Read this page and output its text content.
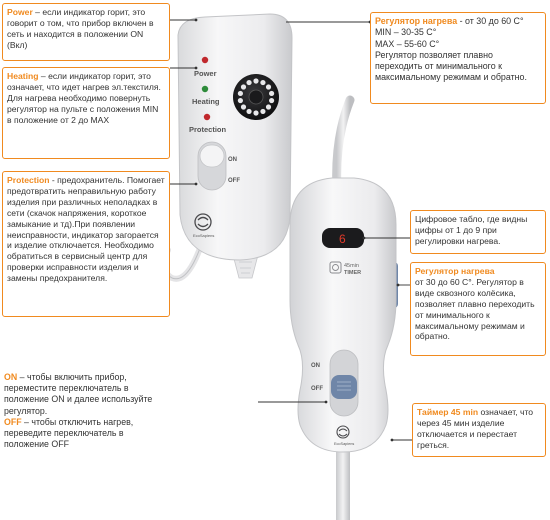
Power
Heating
Protection
ON
OFF
EcoSapiens	6
45min
TIMER
ON
OFF
EcoSapiens
Power – если индикатор горит, это говорит о том, что прибор включен в сеть и находится в положении ON (Вкл)
Heating – если индикатор горит, это означает, что идет нагрев эл.текстиля. Для нагрева необходимо повернуть регулятор на пульте с положения MIN в положение от 2 до MAX
Protection - предохранитель. Помогает предотвратить неправильную работу изделия при различных неполадках в сети (скачок напряжения, короткое замыкание и тд).При появлении неисправности, индикатор загорается и изделие отключается. Необходимо обратиться в сервисный центр для проверки исправности изделия и замены предохранителя.
ON – чтобы включить прибор, переместите переключатель в положение ON и далее используйте регулятор.
OFF – чтобы отключить нагрев, переведите переключатель в положение OFF
Регулятор нагрева - от 30 до 60 С°
MIN – 30-35 С°
MAX – 55-60 С°
Регулятор позволяет плавно переходить от минимального к максимальному режимам и обратно.
Цифровое табло, где видны цифры от 1 до 9 при регулировки нагрева.
Регулятор нагрева
от 30 до 60 С°. Регулятор в виде сквозного колёсика, позволяет плавно переходить от минимального к максимальному режимам и обратно.
Таймер 45 min означает, что через 45 мин изделие отключается и перестает греться.
